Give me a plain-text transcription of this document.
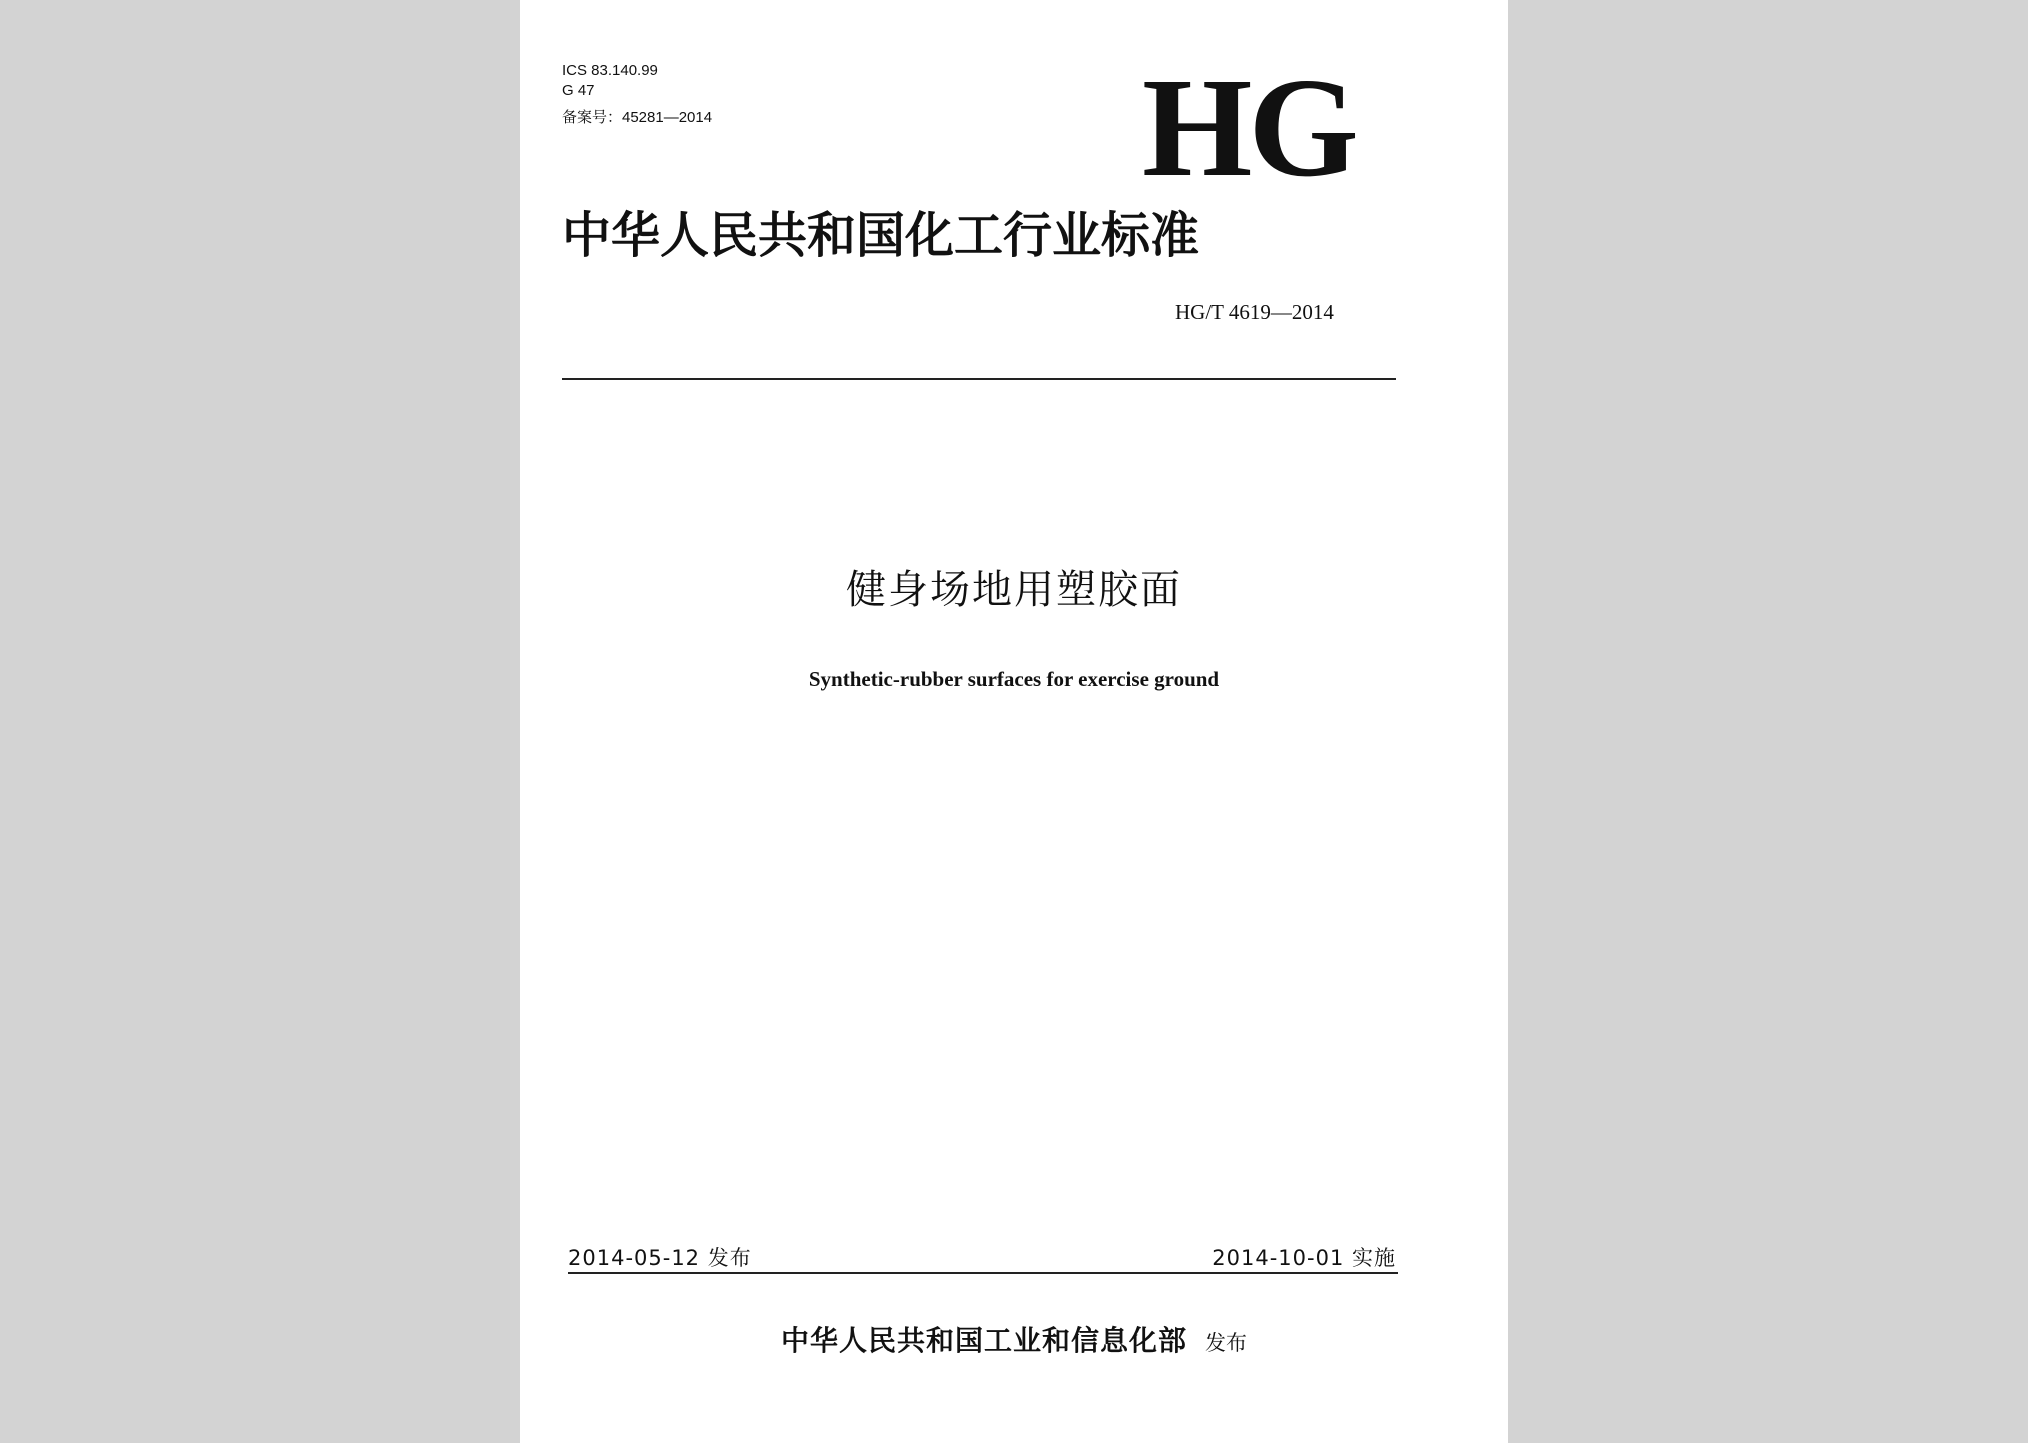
ICS 83.140.99
G 47
备案号：45281—2014	HG
中华人民共和国化工行业标准
HG/T 4619—2014
健身场地用塑胶面
Synthetic-rubber surfaces for exercise ground
2014-05-12 发布	2014-10-01 实施
中华人民共和国工业和信息化部 发布
